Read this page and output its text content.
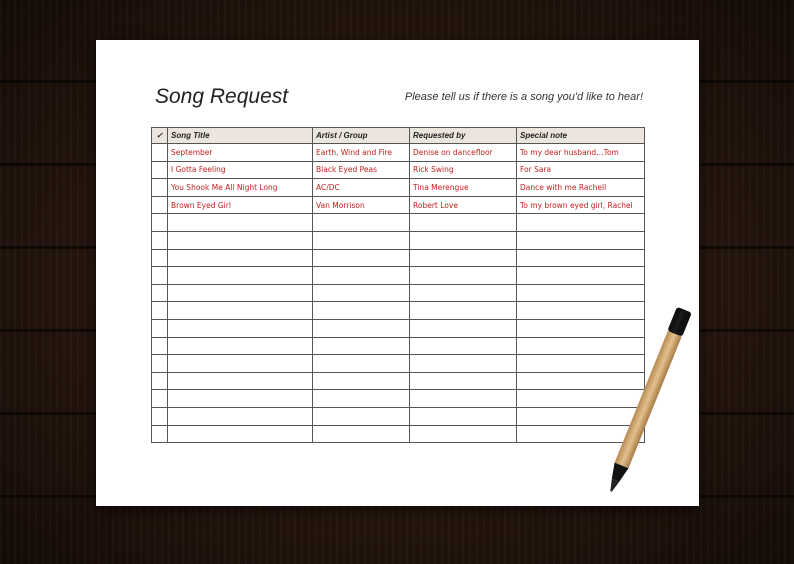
Song Request	Please tell us if there is a song you'd like to hear!
✓	Song Title	Artist / Group	Requested by	Special note
	September	Earth, Wind and Fire	Denise on dancefloor	To my dear husband…Tom
	I Gotta Feeling	Black Eyed Peas	Rick Swing	For Sara
	You Shook Me All Night Long	AC/DC	Tina Merengue	Dance with me Rachell
	Brown Eyed Girl	Van Morrison	Robert Love	To my brown eyed girl, Rachel
